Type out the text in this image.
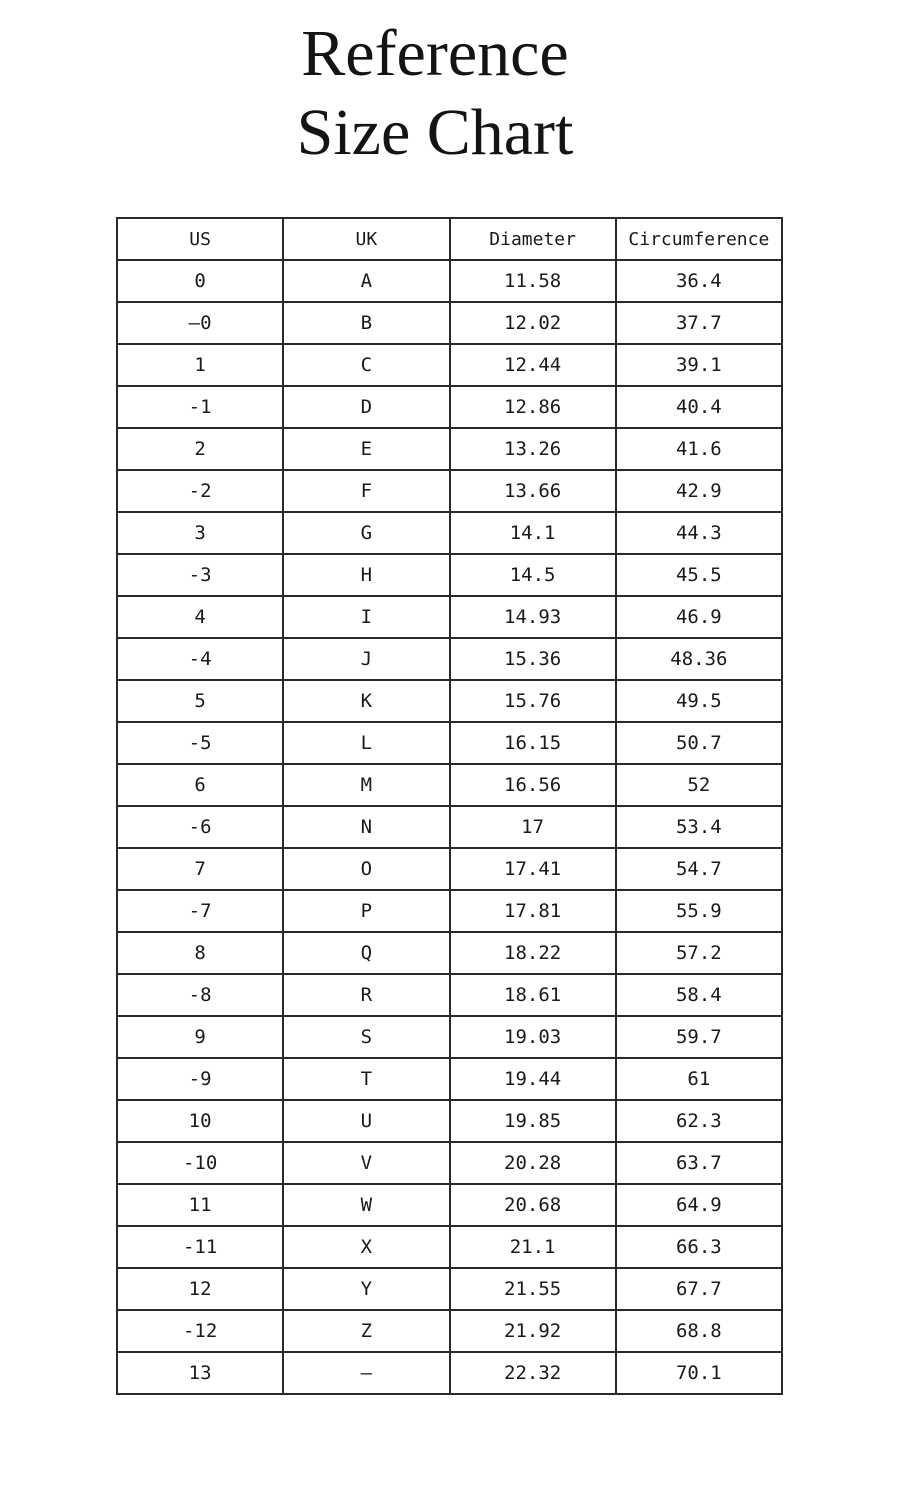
Reference
Size Chart
US	UK	Diameter	Circumference
0	A	11.58	36.4
—0	B	12.02	37.7
1	C	12.44	39.1
-1	D	12.86	40.4
2	E	13.26	41.6
-2	F	13.66	42.9
3	G	14.1	44.3
-3	H	14.5	45.5
4	I	14.93	46.9
-4	J	15.36	48.36
5	K	15.76	49.5
-5	L	16.15	50.7
6	M	16.56	52
-6	N	17	53.4
7	O	17.41	54.7
-7	P	17.81	55.9
8	Q	18.22	57.2
-8	R	18.61	58.4
9	S	19.03	59.7
-9	T	19.44	61
10	U	19.85	62.3
-10	V	20.28	63.7
11	W	20.68	64.9
-11	X	21.1	66.3
12	Y	21.55	67.7
-12	Z	21.92	68.8
13	—	22.32	70.1
